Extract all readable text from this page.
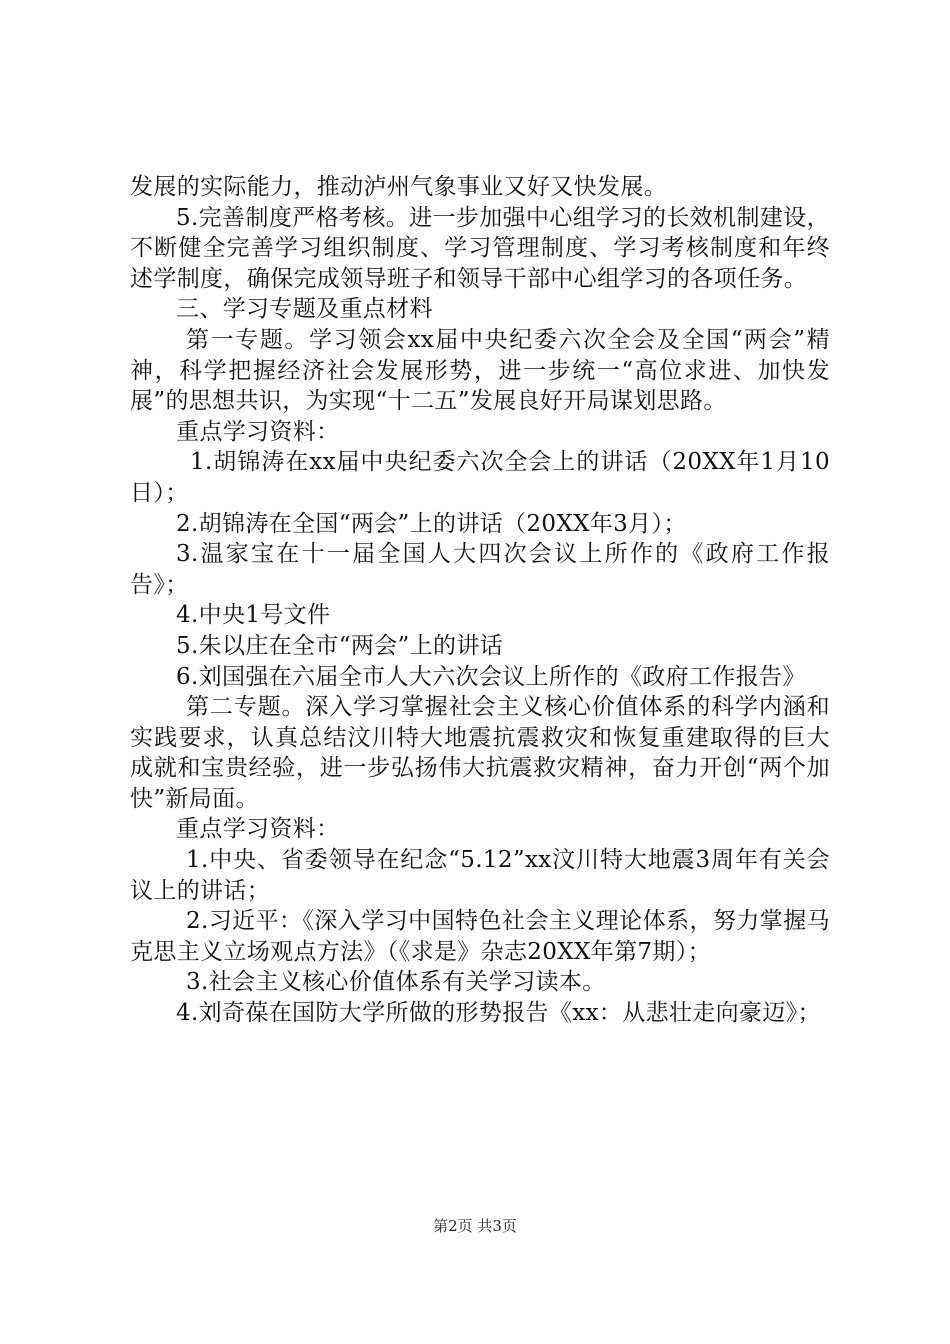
发展的实际能力，推动泸州气象事业又好又快发展。

5.完善制度严格考核。进一步加强中心组学习的长效机制建设，不断健全完善学习组织制度、学习管理制度、学习考核制度和年终述学制度，确保完成领导班子和领导干部中心组学习的各项任务。

三、学习专题及重点材料

第一专题。学习领会xx届中央纪委六次全会及全国“两会”精神，科学把握经济社会发展形势，进一步统一“高位求进、加快发展”的思想共识，为实现“十二五”发展良好开局谋划思路。

重点学习资料：

1.胡锦涛在xx届中央纪委六次全会上的讲话（20XX年1月10日）；

2.胡锦涛在全国“两会”上的讲话（20XX年3月）；

3.温家宝在十一届全国人大四次会议上所作的《政府工作报告》；

4.中央1号文件

5.朱以庄在全市“两会”上的讲话

6.刘国强在六届全市人大六次会议上所作的《政府工作报告》

第二专题。深入学习掌握社会主义核心价值体系的科学内涵和实践要求，认真总结汶川特大地震抗震救灾和恢复重建取得的巨大成就和宝贵经验，进一步弘扬伟大抗震救灾精神，奋力开创“两个加快”新局面。

重点学习资料：

1.中央、省委领导在纪念“5.12”xx汶川特大地震3周年有关会议上的讲话；

2.习近平：《深入学习中国特色社会主义理论体系，努力掌握马克思主义立场观点方法》（《求是》杂志20XX年第7期）；

3.社会主义核心价值体系有关学习读本。

4.刘奇葆在国防大学所做的形势报告《xx：从悲壮走向豪迈》；

第2页 共3页
